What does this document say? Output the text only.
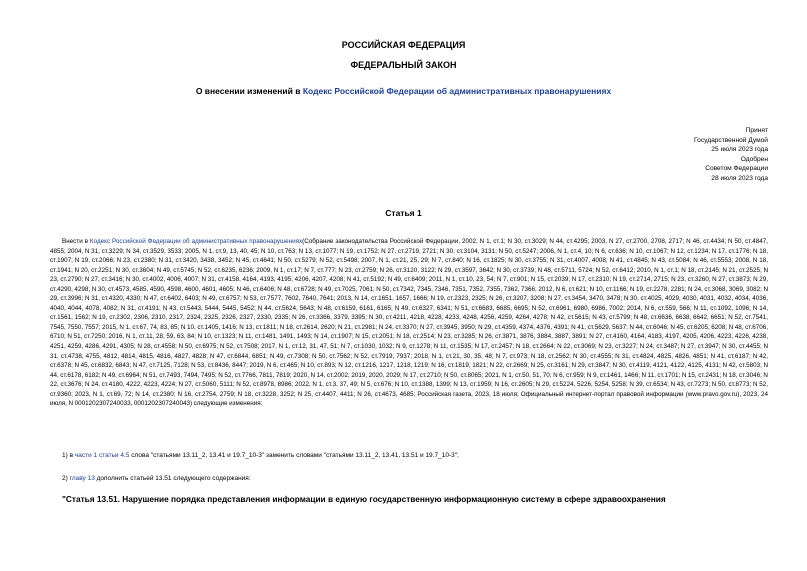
РОССИЙСКАЯ ФЕДЕРАЦИЯ
ФЕДЕРАЛЬНЫЙ ЗАКОН
О внесении изменений в Кодекс Российской Федерации об административных правонарушениях
Принят
Государственной Думой
25 июля 2023 года
Одобрен
Советом Федерации
28 июля 2023 года
Статья 1
Внести в Кодекс Российской Федерации об административных правонарушениях(Собрание законодательства Российской Федерации, 2002, N 1, ст.1; N 30, ст.3029; N 44, ст.4295; 2003, N 27, ст.2700, 2708, 2717; N 46, ст.4434; N 50, ст.4847, 4855; 2004, N 31, ст.3229; N 34, ст.3529, 3533; 2005, N 1, ст.9, 13, 40, 45; N 10, ст.763; N 13, ст.1077; N 19, ст.1752; N 27, ст.2719, 2721; N 30, ст.3104, 3131; N 50, ст.5247; 2006, N 1, ст.4, 10; N 6, ст.636; N 10, ст.1067; N 12, ст.1234; N 17, ст.1776; N 18, ст.1907; N 19, ст.2066; N 23, ст.2380; N 31, ст.3420, 3438, 3452; N 45, ст.4641; N 50, ст.5279; N 52, ст.5498; 2007, N 1, ст.21, 25, 29; N 7, ст.840; N 16, ст.1825; N 30, ст.3755; N 31, ст.4007, 4008; N 41, ст.4845; N 43, ст.5084; N 46, ст.5553; 2008, N 18, ст.1941; N 20, ст.2251; N 30, ст.3604; N 49, ст.5745; N 52, ст.6235, 6236; 2009, N 1, ст.17; N 7, ст.777; N 23, ст.2759; N 26, ст.3120, 3122; N 29, ст.3597, 3642; N 30, ст.3739; N 48, ст.5711, 5724; N 52, ст.6412; 2010, N 1, ст.1; N 18, ст.2145; N 21, ст.2525; N 23, ст.2790; N 27, ст.3416; N 30, ст.4002, 4006, 4007; N 31, ст.4158, 4164, 4193, 4195, 4206, 4207, 4208; N 41, ст.5192; N 49, ст.6409; 2011, N 1, ст.10, 23, 54; N 7, ст.901; N 15, ст.2039; N 17, ст.2310; N 19, ст.2714, 2715; N 23, ст.3260; N 27, ст.3873; N 29, ст.4290, 4298; N 30, ст.4573, 4585, 4590, 4598, 4600, 4601, 4605; N 46, ст.6406; N 48, ст.6728; N 49, ст.7025, 7061; N 50, ст.7342, 7345, 7346, 7351, 7352, 7355, 7362, 7366; 2012, N 6, ст.621; N 10, ст.1166; N 19, ст.2278, 2281; N 24, ст.3068, 3069, 3082; N 29, ст.3996; N 31, ст.4320, 4330; N 47, ст.6402, 6403; N 49, ст.6757; N 53, ст.7577, 7602, 7640, 7641; 2013, N 14, ст.1651, 1657, 1666; N 19, ст.2323, 2325; N 26, ст.3207, 3208; N 27, ст.3454, 3470, 3478; N 30, ст.4025, 4029, 4030, 4031, 4032, 4034, 4036, 4040, 4044, 4078, 4082; N 31, ст.4191; N 43, ст.5443, 5444, 5445, 5452; N 44, ст.5624, 5643; N 48, ст.6159, 6161, 6165; N 49, ст.6327, 6341; N 51, ст.6683, 6685, 6695; N 52, ст.6961, 6980, 6986, 7002; 2014, N 6, ст.559, 566; N 11, ст.1092, 1096; N 14, ст.1561, 1562; N 19, ст.2302, 2306, 2310, 2317, 2324, 2325, 2326, 2327, 2330, 2335; N 26, ст.3366, 3379, 3395; N 30, ст.4211, 4218, 4228, 4233, 4248, 4256, 4259, 4264, 4278; N 42, ст.5615; N 43, ст.5799; N 48, ст.6636, 6638, 6642, 6651; N 52, ст.7541, 7545, 7550, 7557; 2015, N 1, ст.67, 74, 83, 85; N 10, ст.1405, 1416; N 13, ст.1811; N 18, ст.2614, 2620; N 21, ст.2981; N 24, ст.3370; N 27, ст.3945, 3950; N 29, ст.4359, 4374, 4376, 4391; N 41, ст.5629, 5637; N 44, ст.6046; N 45, ст.6205, 6208; N 48, ст.6706, 6710; N 51, ст.7250; 2016, N 1, ст.11, 28, 59, 63, 84; N 10, ст.1323; N 11, ст.1481, 1491, 1493; N 14, ст.1907; N 15, ст.2051; N 18, ст.2514; N 23, ст.3285; N 26, ст.3871, 3876, 3884, 3887, 3891; N 27, ст.4160, 4164, 4183, 4197, 4205, 4206, 4223, 4226, 4238, 4251, 4259, 4286, 4291, 4305; N 28, ст.4558; N 50, ст.6975; N 52, ст.7508; 2017, N 1, ст.12, 31, 47, 51; N 7, ст.1030, 1032; N 9, ст.1278; N 11, ст.1535; N 17, ст.2457; N 18, ст.2664; N 22, ст.3069; N 23, ст.3227; N 24, ст.3487; N 27, ст.3947; N 30, ст.4455; N 31, ст.4738, 4755, 4812, 4814, 4815, 4816, 4827, 4828; N 47, ст.6844, 6851; N 49, ст.7308; N 50, ст.7562; N 52, ст.7919, 7937; 2018, N 1, ст.21, 30, 35, 48; N 7, ст.973; N 18, ст.2562; N 30, ст.4555; N 31, ст.4824, 4825, 4826, 4851; N 41, ст.6187; N 42, ст.6378; N 45, ст.6832, 6843; N 47, ст.7125, 7128; N 53, ст.8436, 8447; 2019, N 6, ст.465; N 10, ст.893; N 12, ст.1216, 1217, 1218, 1219; N 16, ст.1819, 1821; N 22, ст.2669; N 25, ст.3161; N 29, ст.3847; N 30, ст.4119, 4121, 4122, 4125, 4131; N 42, ст.5803; N 44, ст.6178, 6182; N 49, ст.6964; N 51, ст.7493, 7494, 7495; N 52, ст.7766, 7811, 7819; 2020, N 14, ст.2002, 2019, 2020, 2029; N 17, ст.2710; N 50, ст.8065; 2021, N 1, ст.50, 51, 70; N 6, ст.959; N 9, ст.1461, 1466; N 11, ст.1701; N 15, ст.2431; N 18, ст.3046; N 22, ст.3676; N 24, ст.4180, 4222, 4223, 4224; N 27, ст.5060, 5111; N 52, ст.8978, 8986; 2022, N 1, ст.3, 37, 49; N 5, ст.676; N 10, ст.1388, 1399; N 13, ст.1959; N 16, ст.2605; N 29, ст.5224, 5226, 5254, 5258; N 39, ст.6534; N 43, ст.7273; N 50, ст.8773; N 52, ст.9360; 2023, N 1, ст.69, 72; N 14, ст.2380; N 16, ст.2754, 2759; N 18, ст.3228, 3252; N 25, ст.4407, 4411; N 26, ст.4673, 4685; Российская газета, 2023, 18 июля; Официальный интернет-портал правовой информации (www.pravo.gov.ru), 2023, 24 июля, N 0001202307240033, 0001202307240043) следующие изменения:
1) в части 1 статьи 4.5 слова "статьями 13.11_2, 13.41 и 19.7_10-3" заменить словами "статьями 13.11_2, 13.41, 13.51 и 19.7_10-3";
2) главу 13 дополнить статьей 13.51 следующего содержания:
"Статья 13.51. Нарушение порядка представления информации в единую государственную информационную систему в сфере здравоохранения
